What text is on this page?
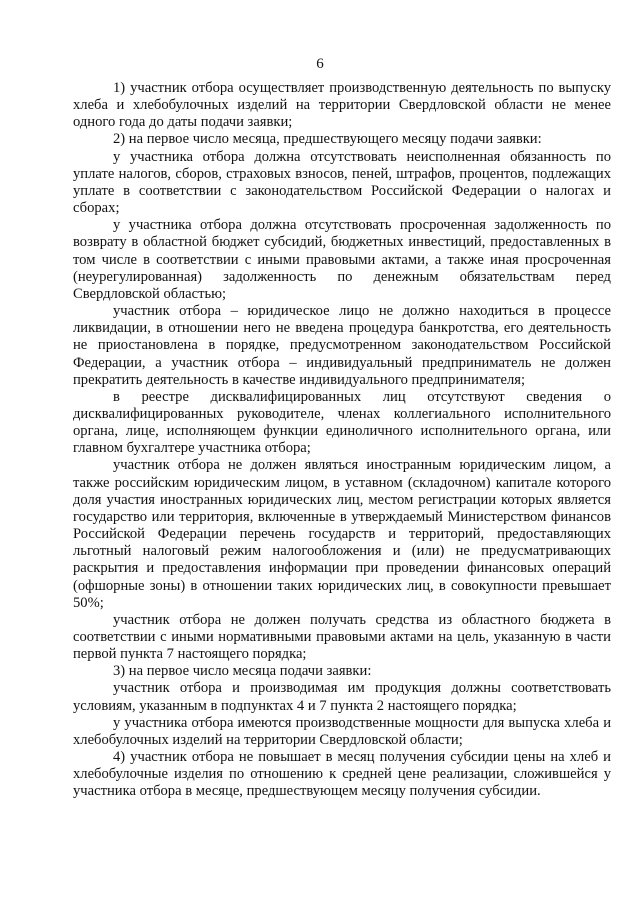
6

1) участник отбора осуществляет производственную деятельность по выпуску хлеба и хлебобулочных изделий на территории Свердловской области не менее одного года до даты подачи заявки;

2) на первое число месяца, предшествующего месяцу подачи заявки:

у участника отбора должна отсутствовать неисполненная обязанность по уплате налогов, сборов, страховых взносов, пеней, штрафов, процентов, подлежащих уплате в соответствии с законодательством Российской Федерации о налогах и сборах;

у участника отбора должна отсутствовать просроченная задолженность по возврату в областной бюджет субсидий, бюджетных инвестиций, предоставленных в том числе в соответствии с иными правовыми актами, а также иная просроченная (неурегулированная) задолженность по денежным обязательствам перед Свердловской областью;

участник отбора – юридическое лицо не должно находиться в процессе ликвидации, в отношении него не введена процедура банкротства, его деятельность не приостановлена в порядке, предусмотренном законодательством Российской Федерации, а участник отбора – индивидуальный предприниматель не должен прекратить деятельность в качестве индивидуального предпринимателя;

в реестре дисквалифицированных лиц отсутствуют сведения о дисквалифицированных руководителе, членах коллегиального исполнительного органа, лице, исполняющем функции единоличного исполнительного органа, или главном бухгалтере участника отбора;

участник отбора не должен являться иностранным юридическим лицом, а также российским юридическим лицом, в уставном (складочном) капитале которого доля участия иностранных юридических лиц, местом регистрации которых является государство или территория, включенные в утверждаемый Министерством финансов Российской Федерации перечень государств и территорий, предоставляющих льготный налоговый режим налогообложения и (или) не предусматривающих раскрытия и предоставления информации при проведении финансовых операций (офшорные зоны) в отношении таких юридических лиц, в совокупности превышает 50%;

участник отбора не должен получать средства из областного бюджета в соответствии с иными нормативными правовыми актами на цель, указанную в части первой пункта 7 настоящего порядка;

3) на первое число месяца подачи заявки:

участник отбора и производимая им продукция должны соответствовать условиям, указанным в подпунктах 4 и 7 пункта 2 настоящего порядка;

у участника отбора имеются производственные мощности для выпуска хлеба и хлебобулочных изделий на территории Свердловской области;

4) участник отбора не повышает в месяц получения субсидии цены на хлеб и хлебобулочные изделия по отношению к средней цене реализации, сложившейся у участника отбора в месяце, предшествующем месяцу получения субсидии.
